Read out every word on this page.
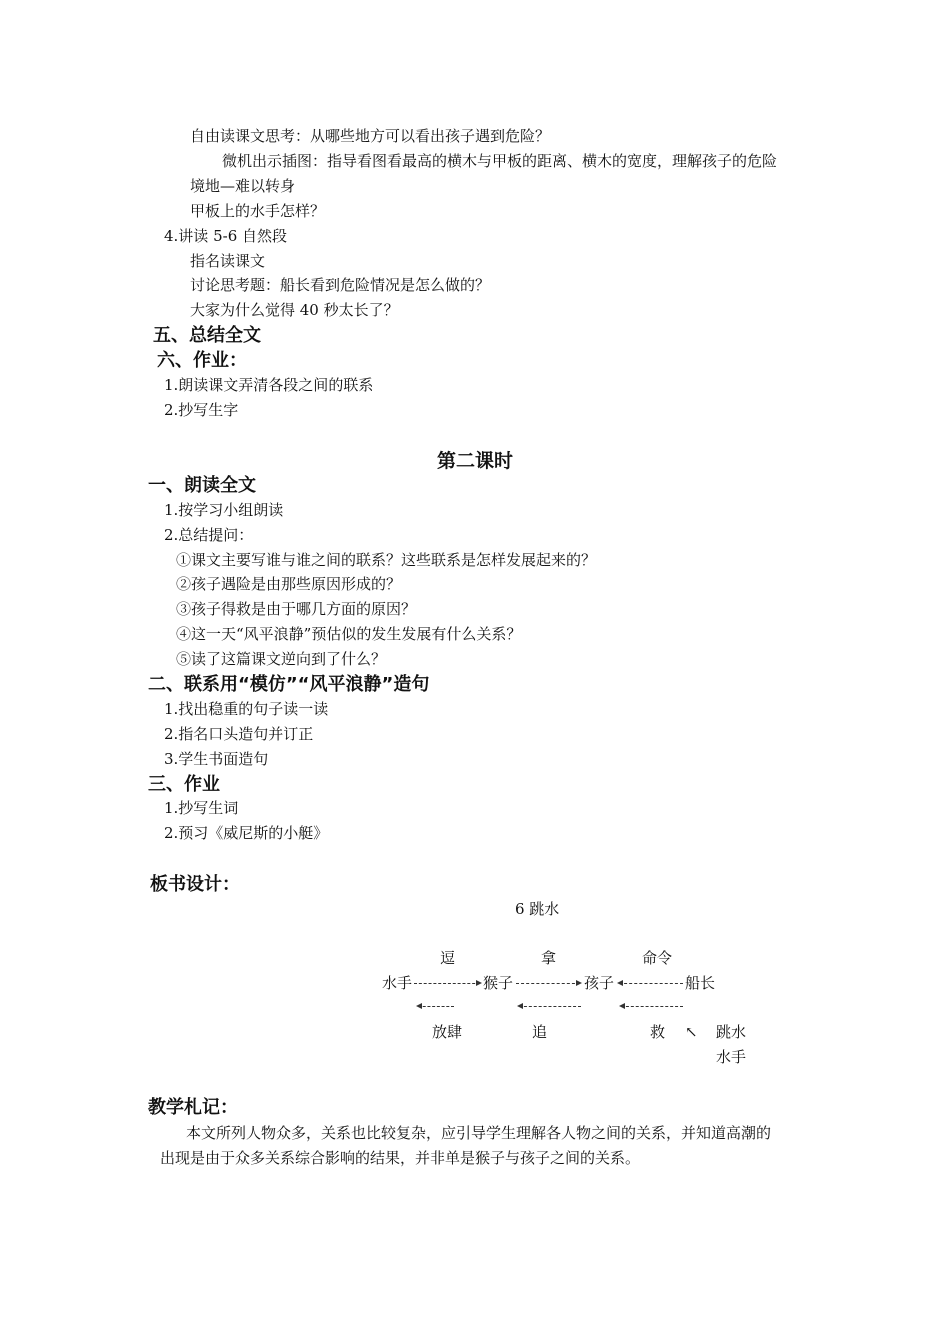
自由读课文思考：从哪些地方可以看出孩子遇到危险？
微机出示插图：指导看图看最高的横木与甲板的距离、横木的宽度，理解孩子的危险
境地—难以转身
甲板上的水手怎样？
4.讲读 5-6 自然段
指名读课文
讨论思考题：船长看到危险情况是怎么做的？
大家为什么觉得 40 秒太长了？
五、总结全文
六、作业：
1.朗读课文弄清各段之间的联系
2.抄写生字
第二课时
一、朗读全文
1.按学习小组朗读
2.总结提问：
①课文主要写谁与谁之间的联系？这些联系是怎样发展起来的？
②孩子遇险是由那些原因形成的？
③孩子得救是由于哪几方面的原因？
④这一天“风平浪静”预估似的发生发展有什么关系？
⑤读了这篇课文逆向到了什么？
二、联系用“模仿”“风平浪静”造句
1.找出稳重的句子读一读
2.指名口头造句并订正
3.学生书面造句
三、作业
1.抄写生词
2.预习《威尼斯的小艇》
板书设计：
6 跳水
逗	拿	命令
水手	猴子	孩子	船长
放肆	追	救 ↖ 跳水
水手
教学札记：
本文所列人物众多，关系也比较复杂，应引导学生理解各人物之间的关系，并知道高潮的
出现是由于众多关系综合影响的结果，并非单是猴子与孩子之间的关系。
